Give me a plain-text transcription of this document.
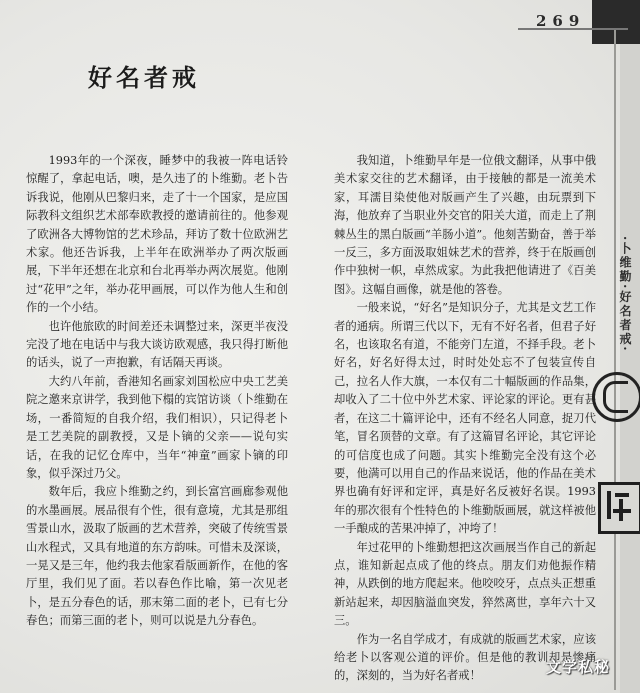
269
·卜维勤·好名者戒·
好名者戒

1993年的一个深夜，睡梦中的我被一阵电话铃惊醒了，拿起电话，噢，是久违了的卜维勤。老卜告诉我说，他刚从巴黎归来，走了十一个国家，是应国际教科文组织艺术部奉欧教授的邀请前往的。他参观了欧洲各大博物馆的艺术珍品，拜访了数十位欧洲艺术家。他还告诉我，上半年在欧洲举办了两次版画展，下半年还想在北京和台北再举办两次展览。他刚过“花甲”之年，举办花甲画展，可以作为他人生和创作的一个小结。

也许他旅欧的时间差还未调整过来，深更半夜没完没了地在电话中与我大谈访欧观感，我只得打断他的话头，说了一声抱歉，有话隔天再谈。

大约八年前，香港知名画家刘国松应中央工艺美院之邀来京讲学，我到他下榻的宾馆访谈（卜维勤在场，一番简短的自我介绍，我们相识），只记得老卜是工艺美院的副教授，又是卜镝的父亲——说句实话，在我的记忆仓库中，当年“神童”画家卜镝的印象，似乎深过乃父。

数年后，我应卜维勤之约，到长富宫画廊参观他的水墨画展。展品很有个性，很有意境，尤其是那组雪景山水，汲取了版画的艺术营养，突破了传统雪景山水程式，又具有地道的东方韵味。可惜未及深谈，一晃又是三年，他约我去他家看版画新作，在他的客厅里，我们见了面。若以春色作比喻，第一次见老卜，是五分春色的话，那末第二面的老卜，已有七分春色；而第三面的老卜，则可以说是九分春色。

我知道，卜维勤早年是一位俄文翻译，从事中俄美术家交往的艺术翻译，由于接触的都是一流美术家，耳濡目染使他对版画产生了兴趣，由玩票到下海，他放弃了当职业外交官的阳关大道，而走上了荆棘丛生的黑白版画“羊肠小道”。他刻苦勤奋，善于举一反三，多方面汲取姐妹艺术的营养，终于在版画创作中独树一帜，卓然成家。为此我把他请进了《百美图》。这幅自画像，就是他的答卷。

一般来说，“好名”是知识分子，尤其是文艺工作者的通病。所谓三代以下，无有不好名者，但君子好名，也该取名有道，不能旁门左道，不择手段。老卜好名，好名好得太过，时时处处忘不了包装宣传自己，拉名人作大旗，一本仅有二十幅版画的作品集，却收入了二十位中外艺术家、评论家的评论。更有甚者，在这二十篇评论中，还有不经名人同意，捉刀代笔，冒名顶替的文章。有了这篇冒名评论，其它评论的可信度也成了问题。其实卜维勤完全没有这个必要，他满可以用自己的作品来说话，他的作品在美术界也确有好评和定评，真是好名反被好名误。1993年的那次很有个性特色的卜维勤版画展，就这样被他一手酿成的苦果冲掉了，冲垮了！

年过花甲的卜维勤想把这次画展当作自己的新起点，谁知新起点成了他的终点。朋友们劝他振作精神，从跌倒的地方爬起来。他咬咬牙，点点头正想重新站起来，却因脑溢血突发，猝然离世，享年六十又三。

作为一名自学成才，有成就的版画艺术家，应该给老卜以客观公道的评价。但是他的教训却是惨痛的，深刻的，当为好名者戒！	文学私秘
